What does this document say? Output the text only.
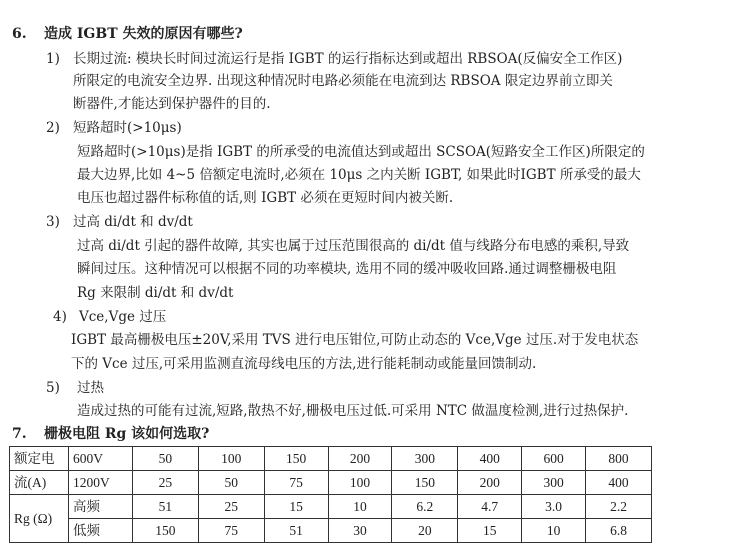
6. 造成 IGBT 失效的原因有哪些?
1) 长期过流: 模块长时间过流运行是指 IGBT 的运行指标达到或超出 RBSOA(反偏安全工作区)
所限定的电流安全边界. 出现这种情况时电路必须能在电流到达 RBSOA 限定边界前立即关
断器件,才能达到保护器件的目的.
2) 短路超时(>10μs)
短路超时(>10μs)是指 IGBT 的所承受的电流值达到或超出 SCSOA(短路安全工作区)所限定的
最大边界,比如 4~5 倍额定电流时,必须在 10μs 之内关断 IGBT, 如果此时IGBT 所承受的最大
电压也超过器件标称值的话,则 IGBT 必须在更短时间内被关断.
3) 过高 di/dt 和 dv/dt
过高 di/dt 引起的器件故障, 其实也属于过压范围很高的 di/dt 值与线路分布电感的乘积,导致
瞬间过压。这种情况可以根据不同的功率模块, 选用不同的缓冲吸收回路.通过调整栅极电阻
Rg 来限制 di/dt 和 dv/dt
4) Vce,Vge 过压
IGBT 最高栅极电压±20V,采用 TVS 进行电压钳位,可防止动态的 Vce,Vge 过压.对于发电状态
下的 Vce 过压,可采用监测直流母线电压的方法,进行能耗制动或能量回馈制动.
5) 过热
造成过热的可能有过流,短路,散热不好,栅极电压过低.可采用 NTC 做温度检测,进行过热保护.
7. 栅极电阻 Rg 该如何选取?
额定电	600V	50	100	150	200	300	400	600	800
流(A)	1200V	25	50	75	100	150	200	300	400
Rg (Ω)	高频	51	25	15	10	6.2	4.7	3.0	2.2
	低频	150	75	51	30	20	15	10	6.8
